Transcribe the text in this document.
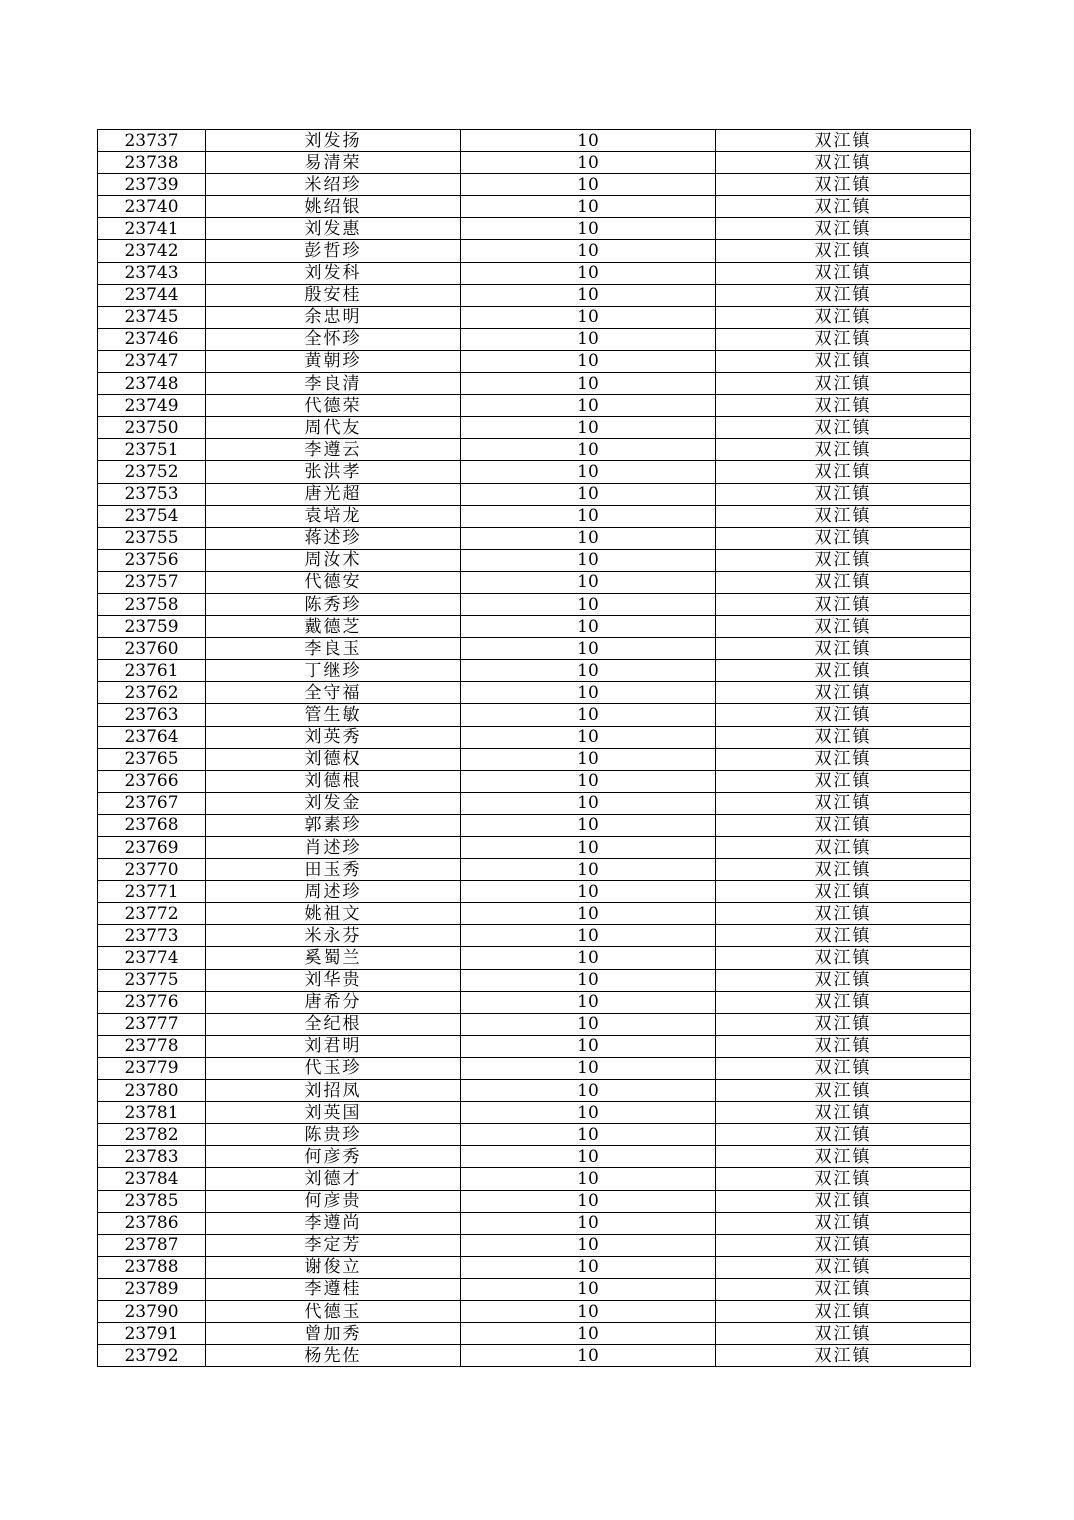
23737	刘发扬	10	双江镇
23738	易清荣	10	双江镇
23739	米绍珍	10	双江镇
23740	姚绍银	10	双江镇
23741	刘发惠	10	双江镇
23742	彭哲珍	10	双江镇
23743	刘发科	10	双江镇
23744	殷安桂	10	双江镇
23745	余忠明	10	双江镇
23746	全怀珍	10	双江镇
23747	黄朝珍	10	双江镇
23748	李良清	10	双江镇
23749	代德荣	10	双江镇
23750	周代友	10	双江镇
23751	李遵云	10	双江镇
23752	张洪孝	10	双江镇
23753	唐光超	10	双江镇
23754	袁培龙	10	双江镇
23755	蒋述珍	10	双江镇
23756	周汝术	10	双江镇
23757	代德安	10	双江镇
23758	陈秀珍	10	双江镇
23759	戴德芝	10	双江镇
23760	李良玉	10	双江镇
23761	丁继珍	10	双江镇
23762	全守福	10	双江镇
23763	管生敏	10	双江镇
23764	刘英秀	10	双江镇
23765	刘德权	10	双江镇
23766	刘德根	10	双江镇
23767	刘发金	10	双江镇
23768	郭素珍	10	双江镇
23769	肖述珍	10	双江镇
23770	田玉秀	10	双江镇
23771	周述珍	10	双江镇
23772	姚祖文	10	双江镇
23773	米永芬	10	双江镇
23774	奚蜀兰	10	双江镇
23775	刘华贵	10	双江镇
23776	唐希分	10	双江镇
23777	全纪根	10	双江镇
23778	刘君明	10	双江镇
23779	代玉珍	10	双江镇
23780	刘招凤	10	双江镇
23781	刘英国	10	双江镇
23782	陈贵珍	10	双江镇
23783	何彦秀	10	双江镇
23784	刘德才	10	双江镇
23785	何彦贵	10	双江镇
23786	李遵尚	10	双江镇
23787	李定芳	10	双江镇
23788	谢俊立	10	双江镇
23789	李遵桂	10	双江镇
23790	代德玉	10	双江镇
23791	曾加秀	10	双江镇
23792	杨先佐	10	双江镇
